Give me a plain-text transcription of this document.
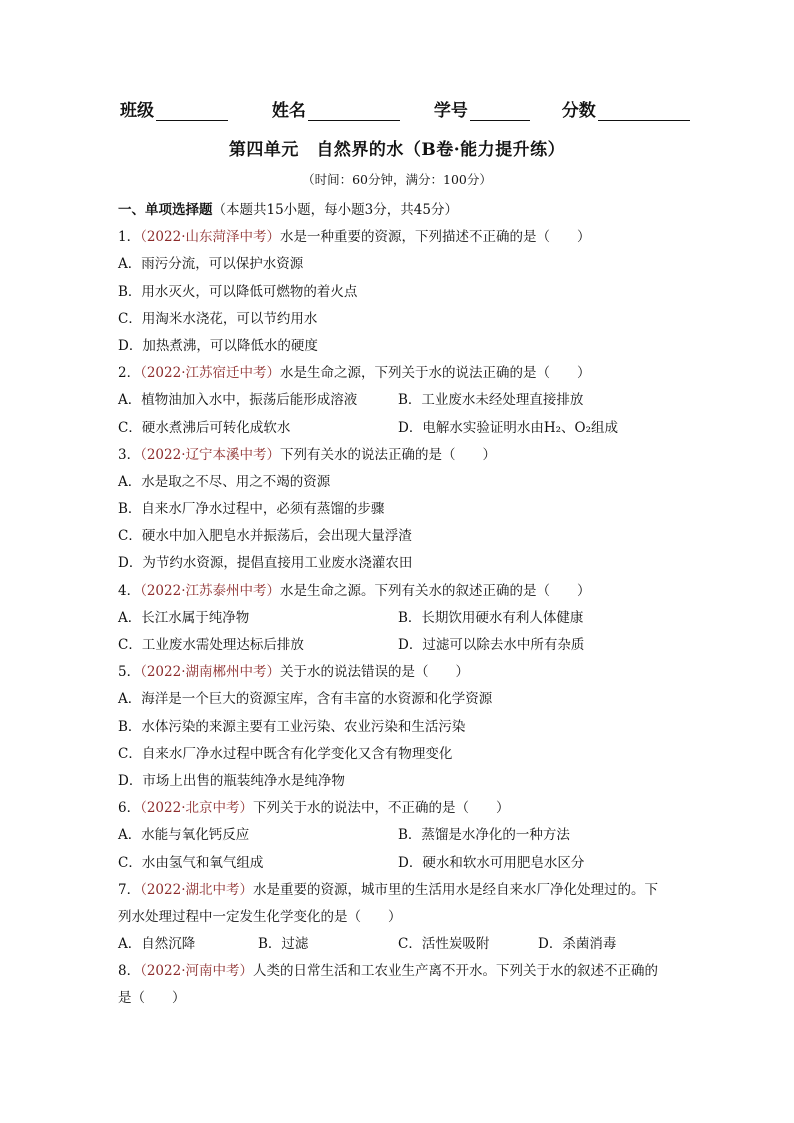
班级	姓名	学号	分数
第四单元　自然界的水（B卷·能力提升练）
（时间：60分钟，满分：100分）
一、单项选择题（本题共15小题，每小题3分，共45分）
1．（2022·山东菏泽中考）水是一种重要的资源，下列描述不正确的是（　　）
A．雨污分流，可以保护水资源
B．用水灭火，可以降低可燃物的着火点
C．用淘米水浇花，可以节约用水
D．加热煮沸，可以降低水的硬度
2．（2022·江苏宿迁中考）水是生命之源，下列关于水的说法正确的是（　　）
A．植物油加入水中，振荡后能形成溶液	B．工业废水未经处理直接排放
C．硬水煮沸后可转化成软水	D．电解水实验证明水由H₂、O₂组成
3．（2022·辽宁本溪中考）下列有关水的说法正确的是（　　）
A．水是取之不尽、用之不竭的资源
B．自来水厂净水过程中，必须有蒸馏的步骤
C．硬水中加入肥皂水并振荡后，会出现大量浮渣
D．为节约水资源，提倡直接用工业废水浇灌农田
4．（2022·江苏泰州中考）水是生命之源。下列有关水的叙述正确的是（　　）
A．长江水属于纯净物	B．长期饮用硬水有利人体健康
C．工业废水需处理达标后排放	D．过滤可以除去水中所有杂质
5．（2022·湖南郴州中考）关于水的说法错误的是（　　）
A．海洋是一个巨大的资源宝库，含有丰富的水资源和化学资源
B．水体污染的来源主要有工业污染、农业污染和生活污染
C．自来水厂净水过程中既含有化学变化又含有物理变化
D．市场上出售的瓶装纯净水是纯净物
6．（2022·北京中考）下列关于水的说法中，不正确的是（　　）
A．水能与氧化钙反应	B．蒸馏是水净化的一种方法
C．水由氢气和氧气组成	D．硬水和软水可用肥皂水区分
7．（2022·湖北中考）水是重要的资源，城市里的生活用水是经自来水厂净化处理过的。下
列水处理过程中一定发生化学变化的是（　　）
A．自然沉降	B．过滤	C．活性炭吸附	D．杀菌消毒
8．（2022·河南中考）人类的日常生活和工农业生产离不开水。下列关于水的叙述不正确的
是（　　）
